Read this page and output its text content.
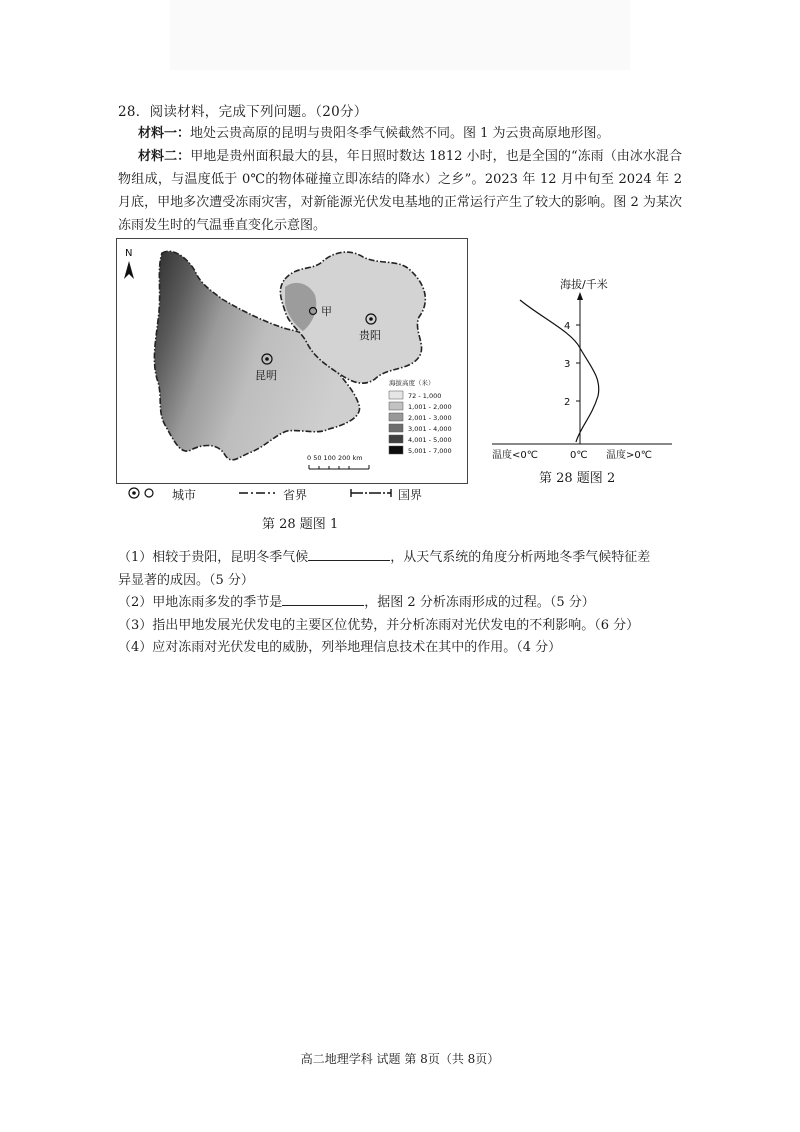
28．阅读材料，完成下列问题。（20分）
材料一：地处云贵高原的昆明与贵阳冬季气候截然不同。图 1 为云贵高原地形图。
材料二：甲地是贵州面积最大的县，年日照时数达 1812 小时，也是全国的“冻雨（由冰水混合物组成，与温度低于 0℃的物体碰撞立即冻结的降水）之乡”。2023 年 12 月中旬至 2024 年 2 月底，甲地多次遭受冻雨灾害，对新能源光伏发电基地的正常运行产生了较大的影响。图 2 为某次冻雨发生时的气温垂直变化示意图。
N
甲
贵阳
昆明
海拔高度（米）
72 - 1,000
1,001 - 2,000
2,001 - 3,000
3,001 - 4,000
4,001 - 5,000
5,001 - 7,000
0 50 100 200 km
城市	省界	国界
第 28 题图 1
海拔/千米
4
3
2
温度<0℃	0℃ 温度>0℃
第 28 题图 2
（1）相较于贵阳，昆明冬季气候	，从天气系统的角度分析两地冬季气候特征差
异显著的成因。（5 分）
（2）甲地冻雨多发的季节是	，据图 2 分析冻雨形成的过程。（5 分）
（3）指出甲地发展光伏发电的主要区位优势，并分析冻雨对光伏发电的不利影响。（6 分）
（4）应对冻雨对光伏发电的威胁，列举地理信息技术在其中的作用。（4 分）
高二地理学科 试题 第 8页（共 8页）
